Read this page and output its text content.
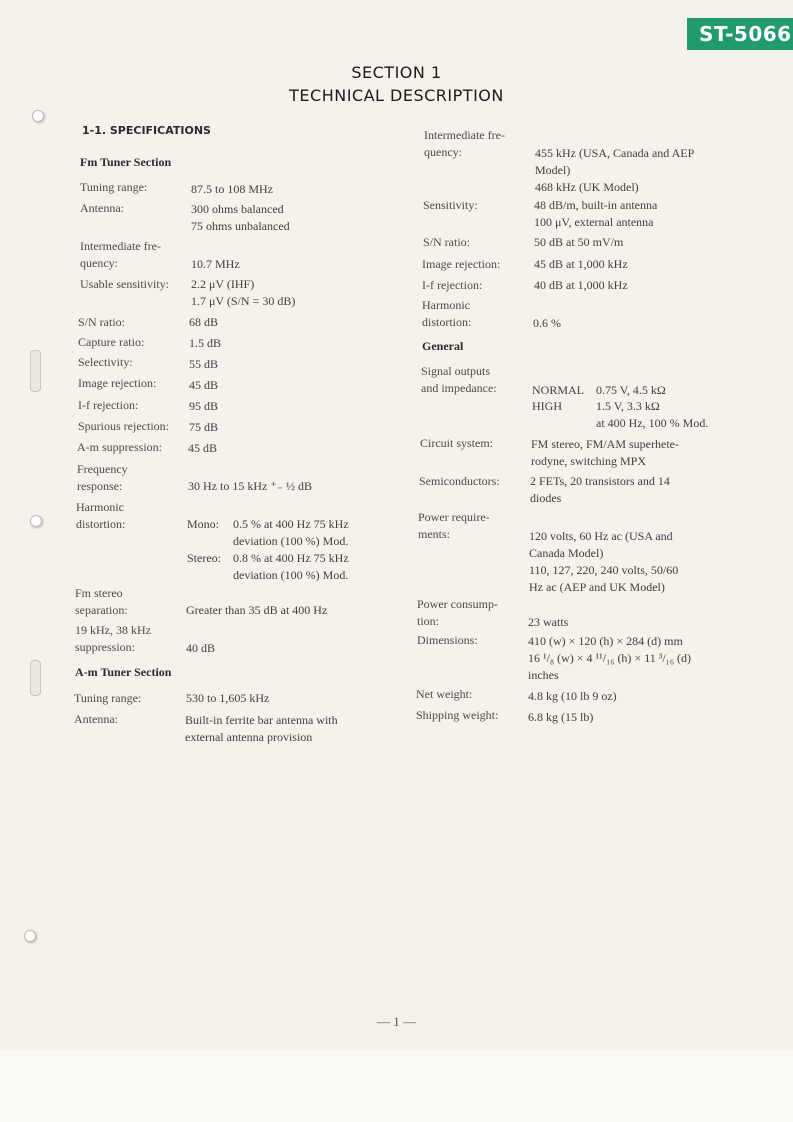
ST-5066
SECTION 1
TECHNICAL DESCRIPTION
1-1. SPECIFICATIONS
Fm Tuner Section
Tuning range:	87.5 to 108 MHz
Antenna:	300 ohms balanced
75 ohms unbalanced
Intermediate fre-
quency:	10.7 MHz
Usable sensitivity: 2.2 μV (IHF)
1.7 μV (S/N = 30 dB)
S/N ratio:	68 dB
Capture ratio:	1.5 dB
Selectivity:	55 dB
Image rejection:	45 dB
I-f rejection:	95 dB
Spurious rejection: 75 dB
A-m suppression: 45 dB
Frequency
response:	30 Hz to 15 kHz ⁺₋ ½ dB
Harmonic
distortion:	Mono: 0.5 % at 400 Hz 75 kHz
deviation (100 %) Mod.
Stereo: 0.8 % at 400 Hz 75 kHz
deviation (100 %) Mod.
Fm stereo
separation:	Greater than 35 dB at 400 Hz
19 kHz, 38 kHz
suppression:	40 dB
A-m Tuner Section
Tuning range:	530 to 1,605 kHz
Antenna:	Built-in ferrite bar antenna with
external antenna provision
Intermediate fre-
quency:	455 kHz (USA, Canada and AEP
Model)
468 kHz (UK Model)
Sensitivity:	48 dB/m, built-in antenna
100 μV, external antenna
S/N ratio:	50 dB at 50 mV/m
Image rejection:	45 dB at 1,000 kHz
I-f rejection:	40 dB at 1,000 kHz
Harmonic
distortion:	0.6 %
General
Signal outputs
and impedance:	NORMAL 0.75 V, 4.5 kΩ
HIGH	1.5 V, 3.3 kΩ
at 400 Hz, 100 % Mod.
Circuit system:	FM stereo, FM/AM superhete-
rodyne, switching MPX
Semiconductors:	2 FETs, 20 transistors and 14
diodes
Power require-
ments:	120 volts, 60 Hz ac (USA and
Canada Model)
110, 127, 220, 240 volts, 50/60
Hz ac (AEP and UK Model)
Power consump-
tion:	23 watts
Dimensions:	410 (w) × 120 (h) × 284 (d) mm
16 ¹/₈ (w) × 4 ¹¹/₁₆ (h) × 11 ³/₁₆ (d)
inches
Net weight:	4.8 kg (10 lb 9 oz)
Shipping weight: 6.8 kg (15 lb)
— 1 —
